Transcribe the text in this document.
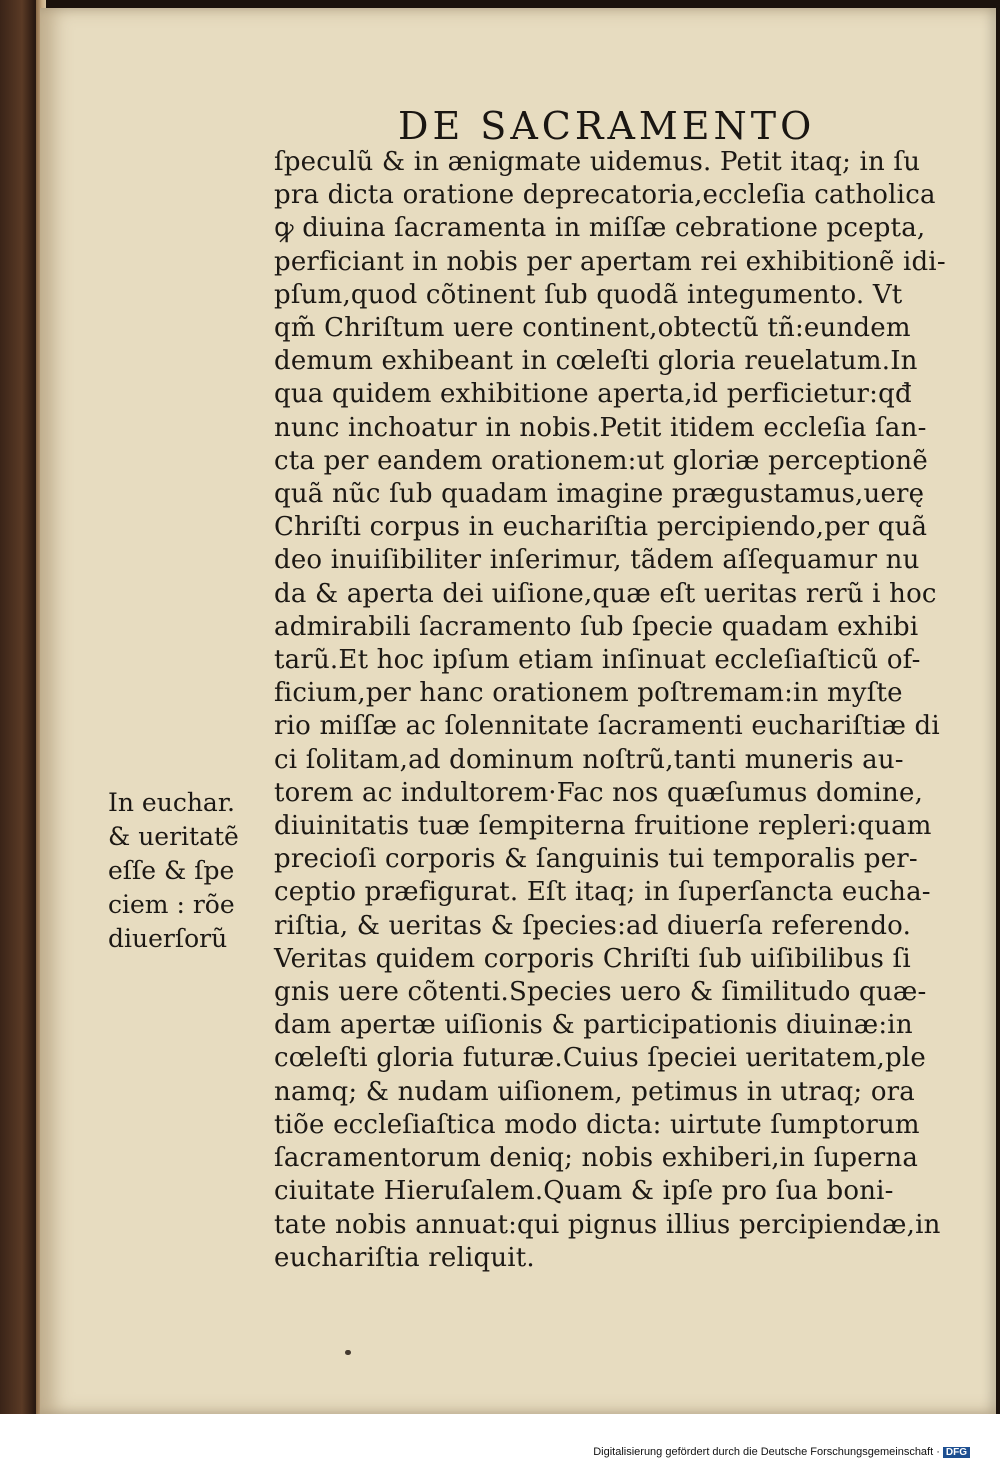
DE SACRAMENTO
ſpeculũ & in ænigmate uidemus. Petit itaq; in ſu
pra dicta oratione deprecatoria,eccleſia catholica
ꝙ diuina ſacramenta in miſſæ cebratione pcepta,
perficiant in nobis per apertam rei exhibitionẽ idi-
pſum,quod cõtinent ſub quodã integumento. Vt
qm̃ Chriſtum uere continent,obtectũ tñ:eundem
demum exhibeant in cœleſti gloria reuelatum.In
qua quidem exhibitione aperta,id perficietur:qđ
nunc inchoatur in nobis.Petit itidem eccleſia ſan-
cta per eandem orationem:ut gloriæ perceptionẽ
quã nũc ſub quadam imagine prægustamus,uerę
Chriſti corpus in euchariſtia percipiendo,per quã
deo inuiſibiliter inſerimur, tãdem aſſequamur nu
da & aperta dei uiſione,quæ eſt ueritas rerũ i hoc
admirabili ſacramento ſub ſpecie quadam exhibi
tarũ.Et hoc ipſum etiam inſinuat eccleſiaſticũ of-
ficium,per hanc orationem poſtremam:in myſte
rio miſſæ ac ſolennitate ſacramenti euchariſtiæ di
ci ſolitam,ad dominum noſtrũ,tanti muneris au-
torem ac indultorem·Fac nos quæſumus domine,
diuinitatis tuæ ſempiterna fruitione repleri:quam
precioſi corporis & ſanguinis tui temporalis per-
ceptio præfigurat. Eſt itaq; in ſuperſancta eucha-
riſtia, & ueritas & ſpecies:ad diuerſa referendo.
Veritas quidem corporis Chriſti ſub uiſibilibus ſi
gnis uere cõtenti.Species uero & ſimilitudo quæ-
dam apertæ uiſionis & participationis diuinæ:in
cœleſti gloria futuræ.Cuius ſpeciei ueritatem,ple
namq; & nudam uiſionem, petimus in utraq; ora
tiõe eccleſiaſtica modo dicta: uirtute ſumptorum
ſacramentorum deniq; nobis exhiberi,in ſuperna
ciuitate Hieruſalem.Quam & ipſe pro ſua boni-
tate nobis annuat:qui pignus illius percipiendæ,in
euchariſtia reliquit.
In euchar.
& ueritatẽ
eſſe & ſpe
ciem : rõe
diuerſorũ
Digitalisierung gefördert durch die Deutsche Forschungsgemeinschaft · DFG
